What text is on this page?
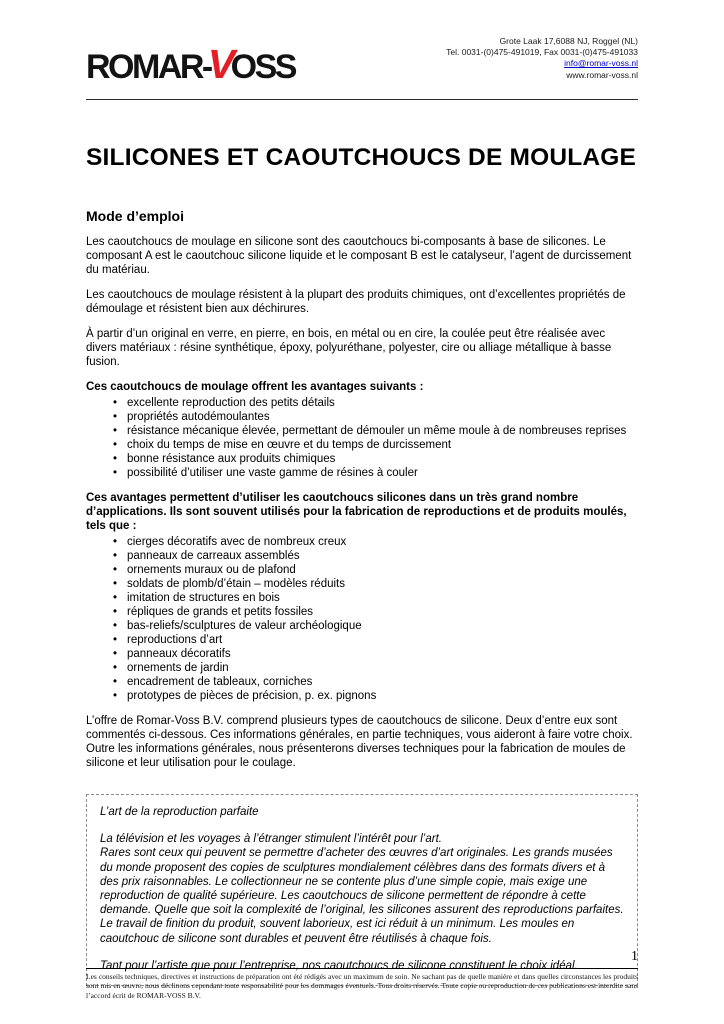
ROMAR-VOSS
Grote Laak 17,6088 NJ, Roggel (NL)
Tel. 0031-(0)475-491019, Fax 0031-(0)475-491033
info@romar-voss.nl
www.romar-voss.nl
SILICONES ET CAOUTCHOUCS DE MOULAGE
Mode d’emploi

Les caoutchoucs de moulage en silicone sont des caoutchoucs bi-composants à base de silicones. Le composant A est le caoutchouc silicone liquide et le composant B est le catalyseur, l’agent de durcissement du matériau.

Les caoutchoucs de moulage résistent à la plupart des produits chimiques, ont d’excellentes propriétés de démoulage et résistent bien aux déchirures.

À partir d’un original en verre, en pierre, en bois, en métal ou en cire, la coulée peut être réalisée avec divers matériaux : résine synthétique, époxy, polyuréthane, polyester, cire ou alliage métallique à basse fusion.

Ces caoutchoucs de moulage offrent les avantages suivants :

•
excellente reproduction des petits détails
•
propriétés autodémoulantes
•
résistance mécanique élevée, permettant de démouler un même moule à de nombreuses reprises
•
choix du temps de mise en œuvre et du temps de durcissement
•
bonne résistance aux produits chimiques
•
possibilité d’utiliser une vaste gamme de résines à couler

Ces avantages permettent d’utiliser les caoutchoucs silicones dans un très grand nombre d’applications. Ils sont souvent utilisés pour la fabrication de reproductions et de produits moulés, tels que :

•
cierges décoratifs avec de nombreux creux
•
panneaux de carreaux assemblés
•
ornements muraux ou de plafond
•
soldats de plomb/d’étain – modèles réduits
•
imitation de structures en bois
•
répliques de grands et petits fossiles
•
bas-reliefs/sculptures de valeur archéologique
•
reproductions d’art
•
panneaux décoratifs
•
ornements de jardin
•
encadrement de tableaux, corniches
•
prototypes de pièces de précision, p. ex. pignons

L’offre de Romar-Voss B.V. comprend plusieurs types de caoutchoucs de silicone. Deux d’entre eux sont commentés ci-dessous. Ces informations générales, en partie techniques, vous aideront à faire votre choix. Outre les informations générales, nous présenterons diverses techniques pour la fabrication de moules de silicone et leur utilisation pour le coulage.

L’art de la reproduction parfaite

La télévision et les voyages à l’étranger stimulent l’intérêt pour l’art.

Rares sont ceux qui peuvent se permettre d’acheter des œuvres d’art originales. Les grands musées du monde proposent des copies de sculptures mondialement célèbres dans des formats divers et à des prix raisonnables. Le collectionneur ne se contente plus d’une simple copie, mais exige une reproduction de qualité supérieure. Les caoutchoucs de silicone permettent de répondre à cette demande. Quelle que soit la complexité de l’original, les silicones assurent des reproductions parfaites. Le travail de finition du produit, souvent laborieux, est ici réduit à un minimum. Les moules en caoutchouc de silicone sont durables et peuvent être réutilisés à chaque fois.

Tant pour l’artiste que pour l’entreprise, nos caoutchoucs de silicone constituent le choix idéal.

1

Les conseils techniques, directives et instructions de préparation ont été rédigés avec un maximum de soin. Ne sachant pas de quelle manière et dans quelles circonstances les produits sont mis en œuvre, nous déclinons cependant toute responsabilité pour les dommages éventuels. Tous droits réservés. Toute copie ou reproduction de ces publications est interdite sans l’accord écrit de ROMAR-VOSS B.V.
